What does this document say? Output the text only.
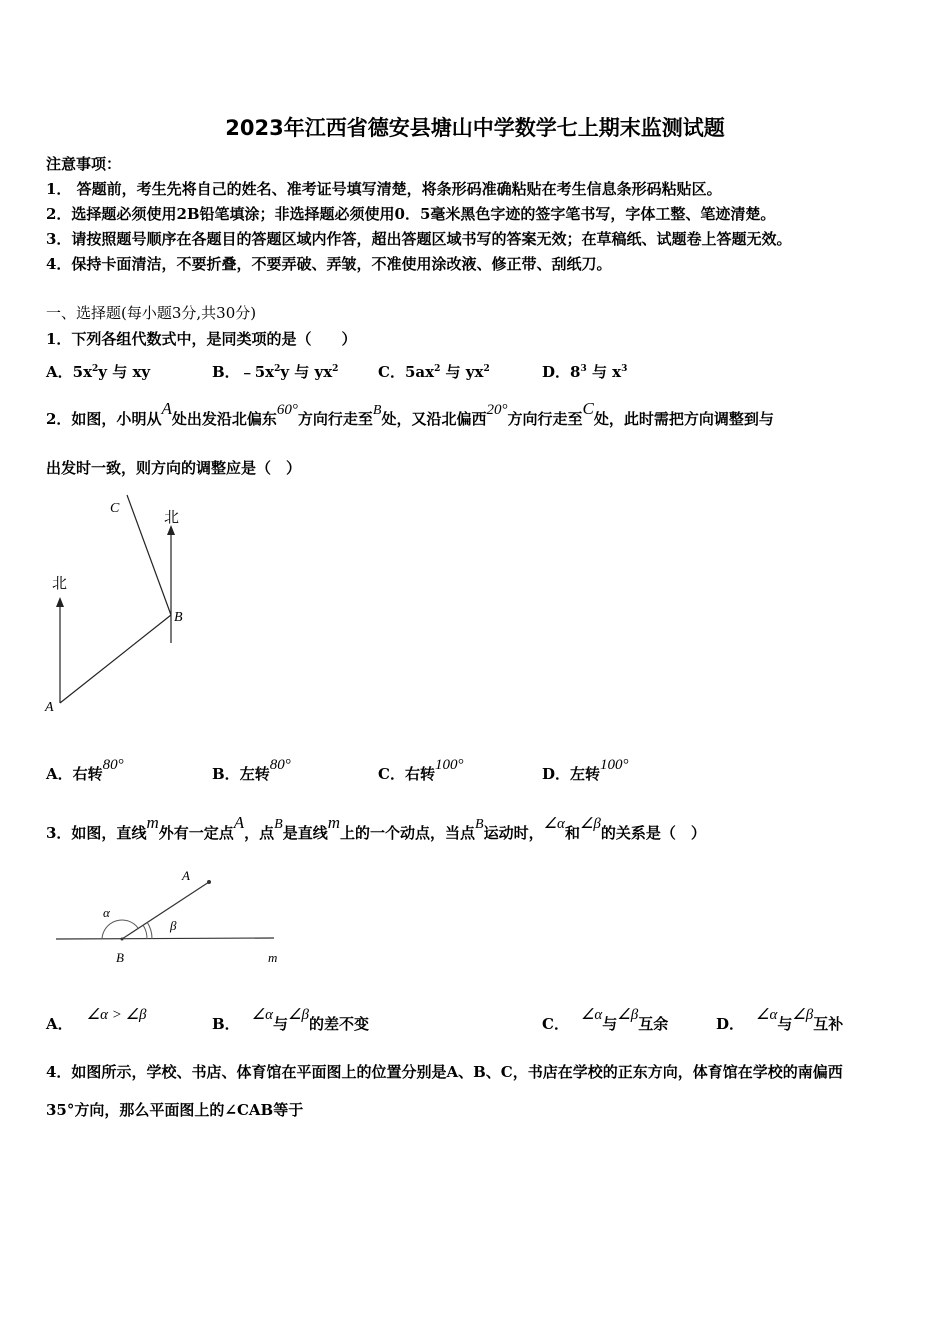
2023年江西省德安县塘山中学数学七上期末监测试题
注意事项：
1． 答题前，考生先将自己的姓名、准考证号填写清楚，将条形码准确粘贴在考生信息条形码粘贴区。
2．选择题必须使用2B铅笔填涂；非选择题必须使用0．5毫米黑色字迹的签字笔书写，字体工整、笔迹清楚。
3．请按照题号顺序在各题目的答题区域内作答，超出答题区域书写的答案无效；在草稿纸、试题卷上答题无效。
4．保持卡面清洁，不要折叠，不要弄破、弄皱，不准使用涂改液、修正带、刮纸刀。
一、选择题(每小题3分,共30分)
1．下列各组代数式中，是同类项的是（　　）
A．$5x^2y$ 与 xy	B．$﹣5x^2y$ 与 $yx^2$	C．$5ax^2$ 与 $yx^2$	D．$8^3$ 与 $x^3$
2．如图，小明从A处出发沿北偏东60°方向行走至B处，又沿北偏西20°方向行走至C处，此时需把方向调整到与
出发时一致，则方向的调整应是（　）
北
北
A
B
C
A．右转80°	B．左转80°	C．右转100°	D．左转100°
3．如图，直线m外有一定点A，点B是直线m上的一个动点，当点B运动时，∠α和∠β的关系是（　）
A
B	m
α
β
A． ∠α > ∠β	B． ∠α与∠β的差不变	C． ∠α与∠β互余	D． ∠α与∠β互补
4．如图所示，学校、书店、体育馆在平面图上的位置分别是A、B、C，书店在学校的正东方向，体育馆在学校的南偏西
35°方向，那么平面图上的∠CAB等于
